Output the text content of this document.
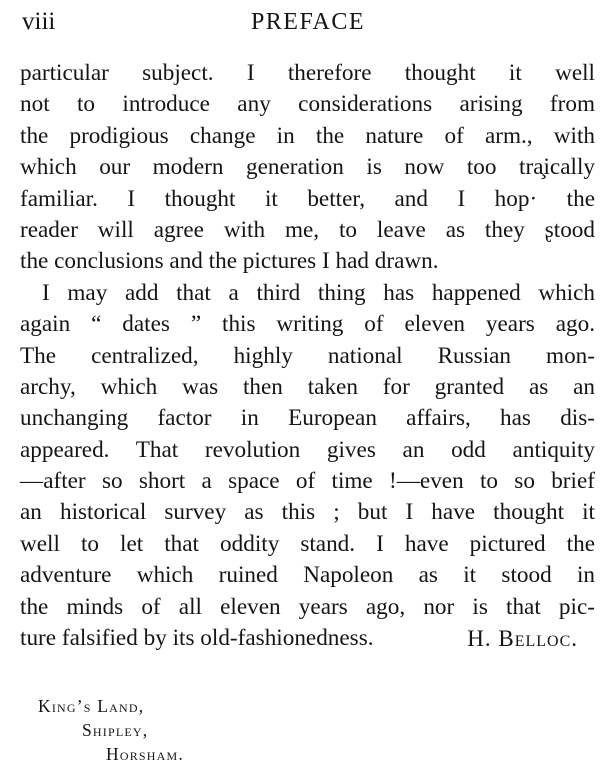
viii	PREFACE
particular subject. I therefore thought it well
not to introduce any considerations arising from
the prodigious change in the nature of arm., with
which our modern generation is now too tra̧ically
familiar. I thought it better, and I hop· the
reader will agree with me, to leave as they ʂtood
the conclusions and the pictures I had drawn.
I may add that a third thing has happened which
again “ dates ” this writing of eleven years ago.
The centralized, highly national Russian mon-
archy, which was then taken for granted as an
unchanging factor in European affairs, has dis-
appeared. That revolution gives an odd antiquity
—after so short a space of time !—even to so brief
an historical survey as this ; but I have thought it
well to let that oddity stand. I have pictured the
adventure which ruined Napoleon as it stood in
the minds of all eleven years ago, nor is that pic-
ture falsified by its old-fashionedness.	H. Belloc.
King’s Land,
Shipley,
Horsham.
